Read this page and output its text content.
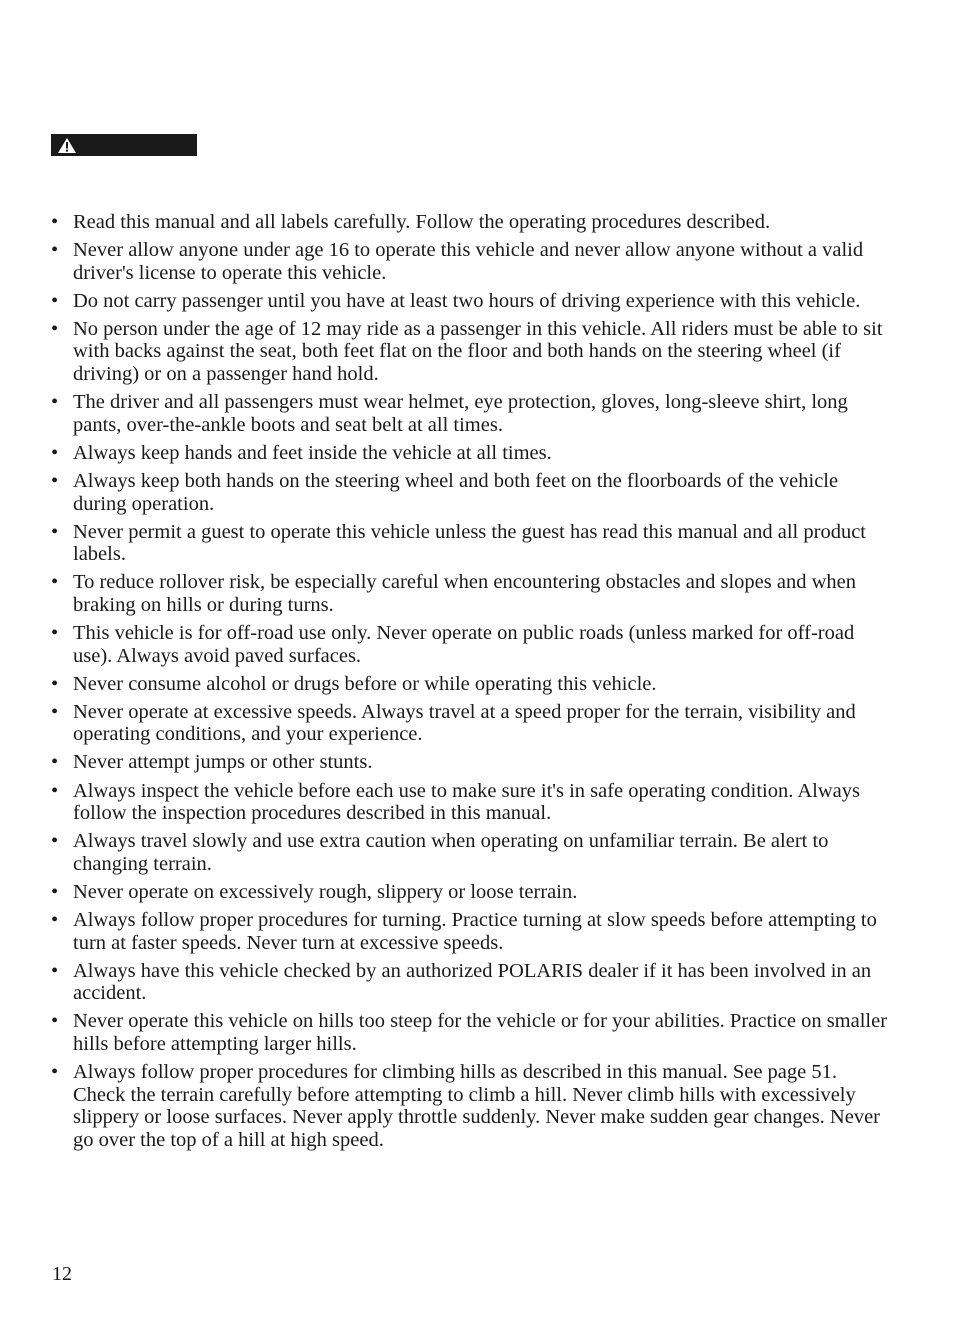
• Read this manual and all labels carefully. Follow the operating procedures described.
• Never allow anyone under age 16 to operate this vehicle and never allow anyone without a valid driver's license to operate this vehicle.
• Do not carry passenger until you have at least two hours of driving experience with this vehicle.
• No person under the age of 12 may ride as a passenger in this vehicle. All riders must be able to sit with backs against the seat, both feet flat on the floor and both hands on the steering wheel (if driving) or on a passenger hand hold.
• The driver and all passengers must wear helmet, eye protection, gloves, long-sleeve shirt, long pants, over-the-ankle boots and seat belt at all times.
• Always keep hands and feet inside the vehicle at all times.
• Always keep both hands on the steering wheel and both feet on the floorboards of the vehicle during operation.
• Never permit a guest to operate this vehicle unless the guest has read this manual and all product labels.
• To reduce rollover risk, be especially careful when encountering obstacles and slopes and when braking on hills or during turns.
• This vehicle is for off-road use only. Never operate on public roads (unless marked for off-road use). Always avoid paved surfaces.
• Never consume alcohol or drugs before or while operating this vehicle.
• Never operate at excessive speeds. Always travel at a speed proper for the terrain, visibility and operating conditions, and your experience.
• Never attempt jumps or other stunts.
• Always inspect the vehicle before each use to make sure it's in safe operating condition. Always follow the inspection procedures described in this manual.
• Always travel slowly and use extra caution when operating on unfamiliar terrain. Be alert to changing terrain.
• Never operate on excessively rough, slippery or loose terrain.
• Always follow proper procedures for turning. Practice turning at slow speeds before attempting to turn at faster speeds. Never turn at excessive speeds.
• Always have this vehicle checked by an authorized POLARIS dealer if it has been involved in an accident.
• Never operate this vehicle on hills too steep for the vehicle or for your abilities. Practice on smaller hills before attempting larger hills.
• Always follow proper procedures for climbing hills as described in this manual. See page 51. Check the terrain carefully before attempting to climb a hill. Never climb hills with excessively slippery or loose surfaces. Never apply throttle suddenly. Never make sudden gear changes. Never go over the top of a hill at high speed.
12
